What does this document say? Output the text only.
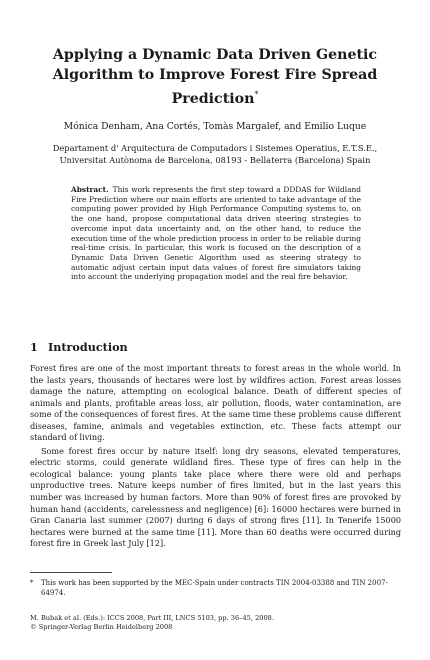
Applying a Dynamic Data Driven Genetic Algorithm to Improve Forest Fire Spread Prediction*
Mónica Denham, Ana Cortés, Tomàs Margalef, and Emilio Luque
Departament d' Arquitectura de Computadors i Sistemes Operatius, E.T.S.E.,
Universitat Autònoma de Barcelona, 08193 - Bellaterra (Barcelona) Spain
Abstract. This work represents the first step toward a DDDAS for Wildland Fire Prediction where our main efforts are oriented to take advantage of the computing power provided by High Performance Computing systems to, on the one hand, propose computational data driven steering strategies to overcome input data uncertainty and, on the other hand, to reduce the execution time of the whole prediction process in order to be reliable during real-time crisis. In particular, this work is focused on the description of a Dynamic Data Driven Genetic Algorithm used as steering strategy to automatic adjust certain input data values of forest fire simulators taking into account the underlying propagation model and the real fire behavior.
1 Introduction

Forest fires are one of the most important threats to forest areas in the whole world. In the lasts years, thousands of hectares were lost by wildfires action. Forest areas losses damage the nature, attempting on ecological balance. Death of different species of animals and plants, profitable areas loss, air pollution, floods, water contamination, are some of the consequences of forest fires. At the same time these problems cause different diseases, famine, animals and vegetables extinction, etc. These facts attempt our standard of living.

Some forest fires occur by nature itself: long dry seasons, elevated temperatures, electric storms, could generate wildland fires. These type of fires can help in the ecological balance: young plants take place where there were old and perhaps unproductive trees. Nature keeps number of fires limited, but in the last years this number was increased by human factors. More than 90% of forest fires are provoked by human hand (accidents, carelessness and negligence) [6]: 16000 hectares were burned in Gran Canaria last summer (2007) during 6 days of strong fires [11]. In Tenerife 15000 hectares were burned at the same time [11]. More than 60 deaths were occurred during forest fire in Greek last July [12].

* This work has been supported by the MEC-Spain under contracts TIN 2004-03388 and TIN 2007-64974.
M. Bubak et al. (Eds.): ICCS 2008, Part III, LNCS 5103, pp. 36–45, 2008.
© Springer-Verlag Berlin Heidelberg 2008
